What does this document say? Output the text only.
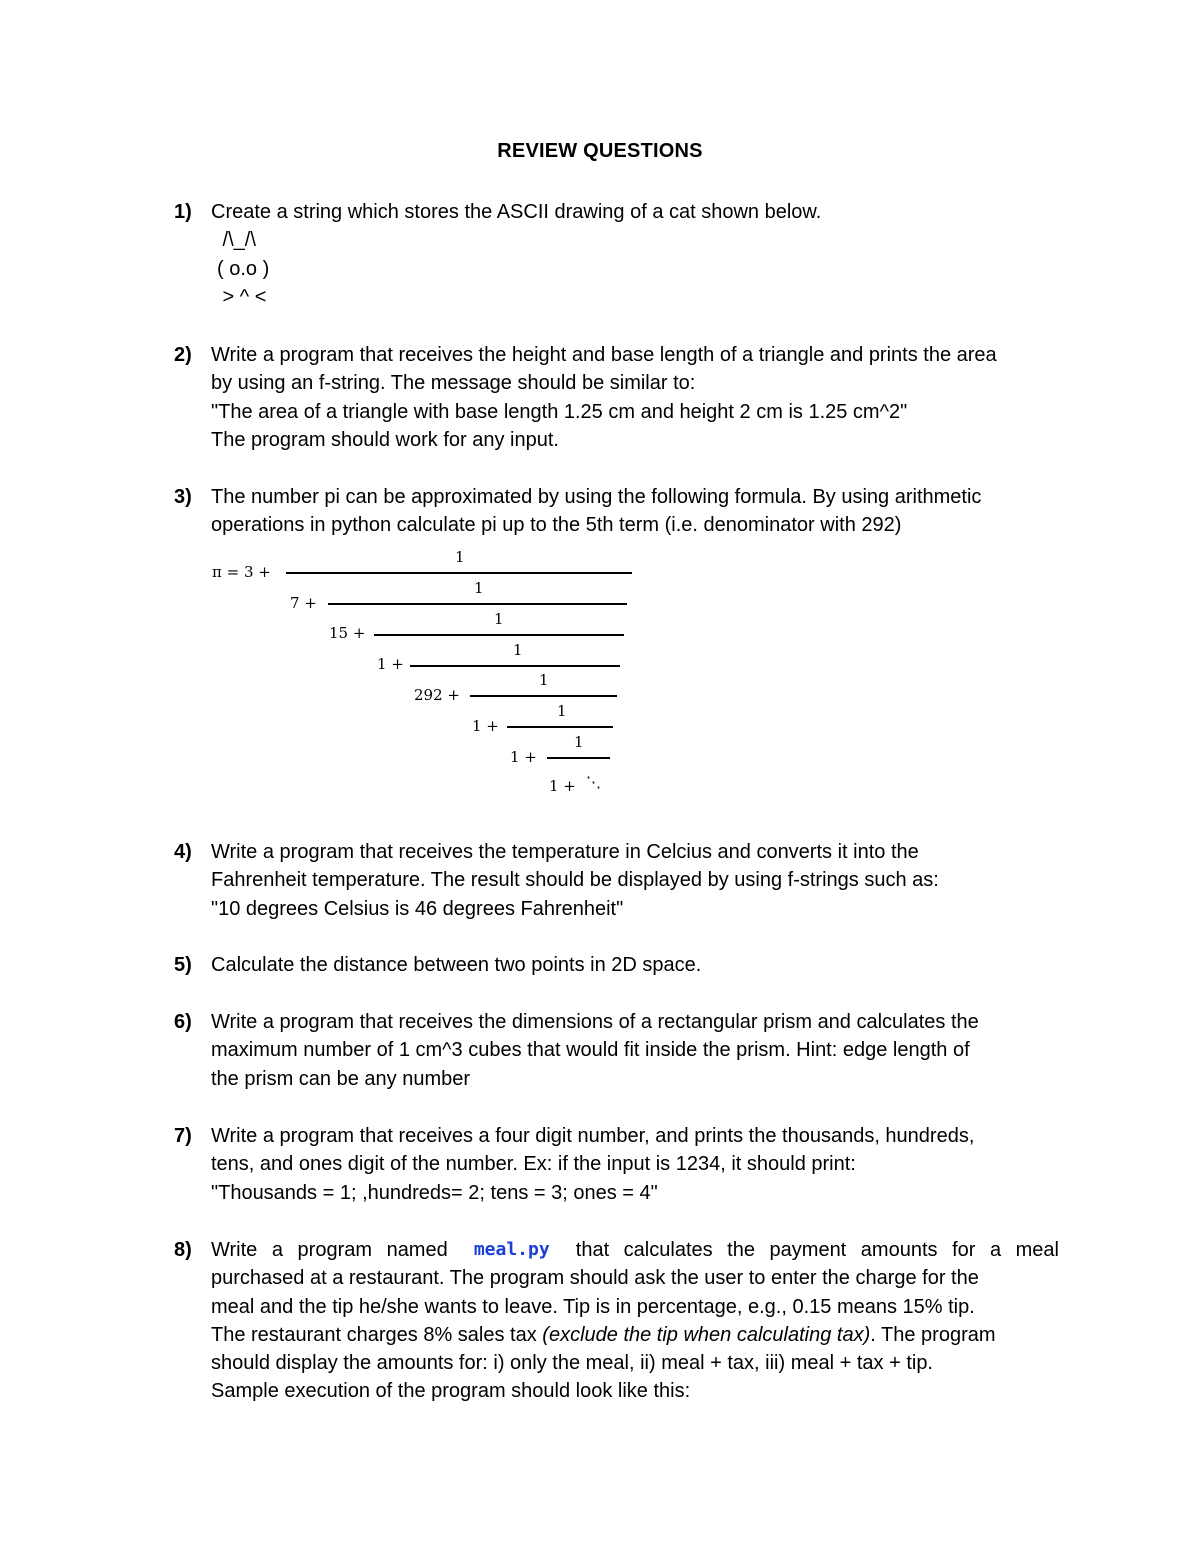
REVIEW QUESTIONS
1) Create a string which stores the ASCII drawing of a cat shown below.

/\_/\
( o.o )
> ^ <
2) Write a program that receives the height and base length of a triangle and prints the area

by using an f-string. The message should be similar to:

"The area of a triangle with base length 1.25 cm and height 2 cm is 1.25 cm^2"

The program should work for any input.

3) The number pi can be approximated by using the following formula. By using arithmetic

operations in python calculate pi up to the 5th term (i.e. denominator with 292)

π = 3 +
1
7 +
1
15 +
1
1 +
1
292 +
1
1 +
1
1 +
1
1 + ⋱
4) Write a program that receives the temperature in Celcius and converts it into the

Fahrenheit temperature. The result should be displayed by using f-strings such as:

"10 degrees Celsius is 46 degrees Fahrenheit"

5) Calculate the distance between two points in 2D space.

6) Write a program that receives the dimensions of a rectangular prism and calculates the

maximum number of 1 cm^3 cubes that would fit inside the prism. Hint: edge length of

the prism can be any number

7) Write a program that receives a four digit number, and prints the thousands, hundreds,

tens, and ones digit of the number. Ex: if the input is 1234, it should print:

"Thousands = 1; ,hundreds= 2; tens = 3; ones = 4"

8) Write a program named meal.py that calculates the payment amounts for a meal

purchased at a restaurant. The program should ask the user to enter the charge for the

meal and the tip he/she wants to leave. Tip is in percentage, e.g., 0.15 means 15% tip.

The restaurant charges 8% sales tax (exclude the tip when calculating tax). The program

should display the amounts for: i) only the meal, ii) meal + tax, iii) meal + tax + tip.

Sample execution of the program should look like this:
